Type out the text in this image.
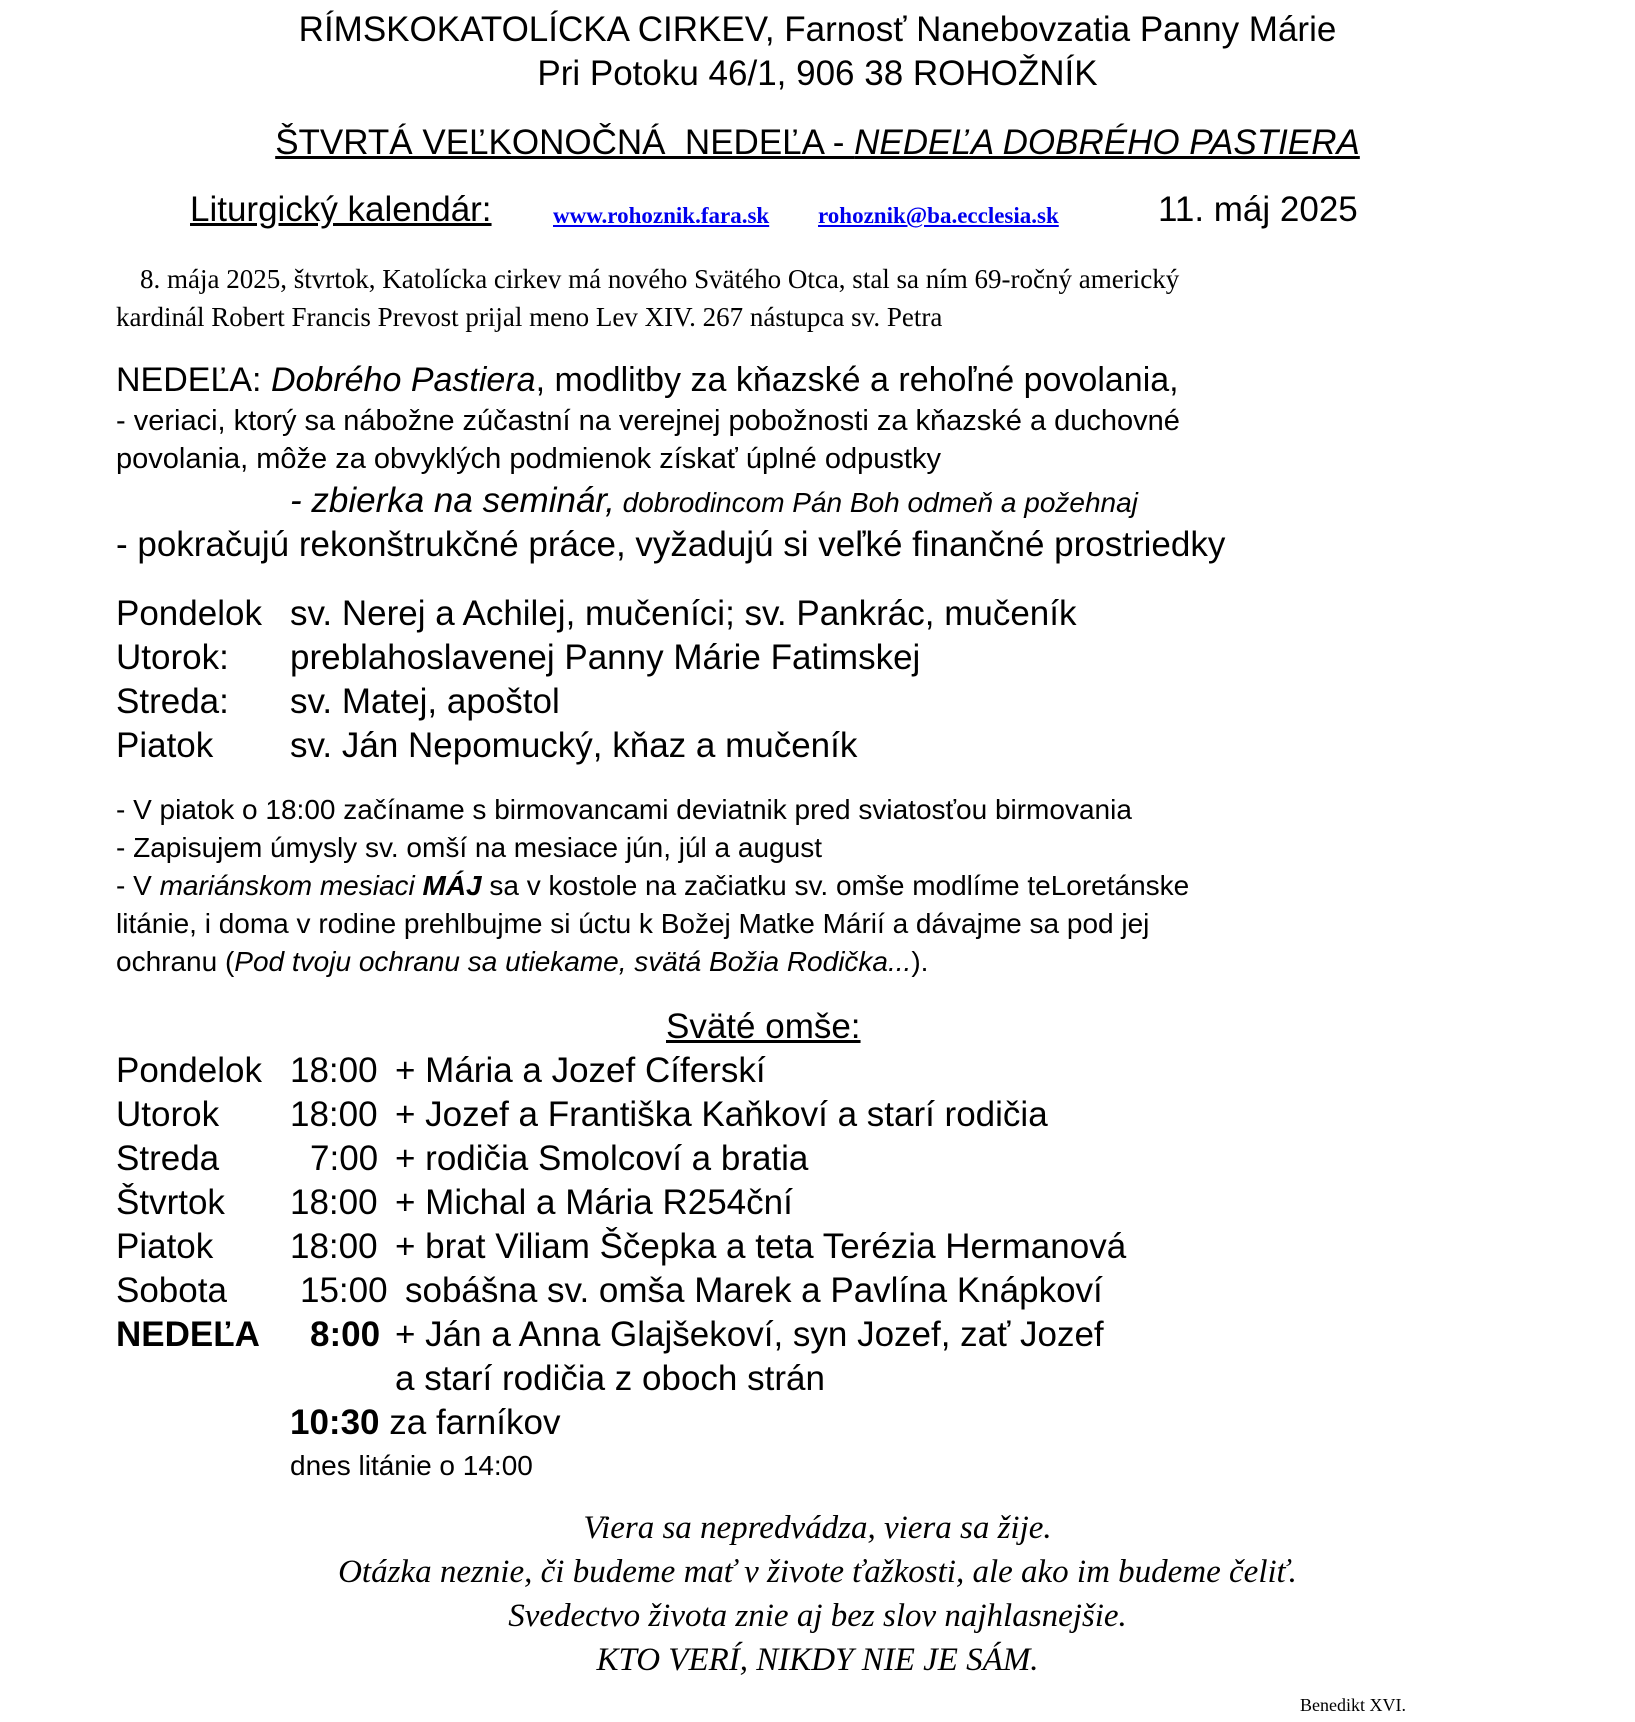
RÍMSKOKATOLÍCKA CIRKEV, Farnosť Nanebovzatia Panny Márie
Pri Potoku 46/1, 906 38 ROHOŽNÍK
ŠTVRTÁ VEĽKONOČNÁ  NEDEĽA - NEDEĽA DOBRÉHO PASTIERA
Liturgický kalendár:	www.rohoznik.fara.sk rohoznik@ba.ecclesia.sk	11. máj 2025
8. mája 2025, štvrtok, Katolícka cirkev má nového Svätého Otca, stal sa ním 69-ročný americký
kardinál Robert Francis Prevost prijal meno Lev XIV. 267 nástupca sv. Petra
NEDEĽA: Dobrého Pastiera, modlitby za kňazské a rehoľné povolania,
- veriaci, ktorý sa nábožne zúčastní na verejnej pobožnosti za kňazské a duchovné
povolania, môže za obvyklých podmienok získať úplné odpustky
- zbierka na seminár, dobrodincom Pán Boh odmeň a požehnaj
- pokračujú rekonštrukčné práce, vyžadujú si veľké finančné prostriedky
Pondelok sv. Nerej a Achilej, mučeníci; sv. Pankrác, mučeník
Utorok: preblahoslavenej Panny Márie Fatimskej
Streda: sv. Matej, apoštol
Piatok sv. Ján Nepomucký, kňaz a mučeník
- V piatok o 18:00 začíname s birmovancami deviatnik pred sviatosťou birmovania
- Zapisujem úmysly sv. omší na mesiace jún, júl a august
- V mariánskom mesiaci MÁJ sa v kostole na začiatku sv. omše modlíme teLoretánske
litánie, i doma v rodine prehlbujme si úctu k Božej Matke Márií a dávajme sa pod jej
ochranu (Pod tvoju ochranu sa utiekame, svätá Božia Rodička...).
Sväté omše:
Pondelok 18:00 + Mária a Jozef Cíferskí
Utorok 18:00 + Jozef a Františka Kaňkoví a starí rodičia
Streda	7:00 + rodičia Smolcoví a bratia
Štvrtok 18:00 + Michal a Mária R254ční
Piatok 18:00 + brat Viliam Ščepka a teta Terézia Hermanová
Sobota 15:00 sobášna sv. omša Marek a Pavlína Knápkoví
NEDEĽA 8:00 + Ján a Anna Glajšekoví, syn Jozef, zať Jozef
a starí rodičia z oboch strán
10:30 za farníkov
dnes litánie o 14:00
Viera sa nepredvádza, viera sa žije.
Otázka neznie, či budeme mať v živote ťažkosti, ale ako im budeme čeliť.
Svedectvo života znie aj bez slov najhlasnejšie.
KTO VERÍ, NIKDY NIE JE SÁM.
Benedikt XVI.
